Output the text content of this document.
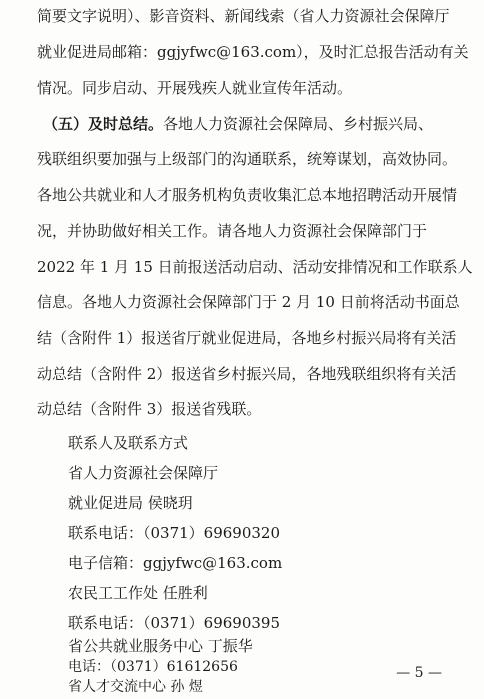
简要文字说明）、影音资料、新闻线索（省人力资源社会保障厅
就业促进局邮箱：ggjyfwc@163.com），及时汇总报告活动有关
情况。同步启动、开展残疾人就业宣传年活动。
残联组织要加强与上级部门的沟通联系，统筹谋划，高效协同。
各地公共就业和人才服务机构负责收集汇总本地招聘活动开展情
况，并协助做好相关工作。请各地人力资源社会保障部门于
2022 年 1 月 15 日前报送活动启动、活动安排情况和工作联系人
信息。各地人力资源社会保障部门于 2 月 10 日前将活动书面总
结（含附件 1）报送省厅就业促进局，各地乡村振兴局将有关活
动总结（含附件 2）报送省乡村振兴局，各地残联组织将有关活
动总结（含附件 3）报送省残联。
联系人及联系方式
省人力资源社会保障厅
就业促进局 侯晓玥
联系电话：（0371）69690320
电子信箱：ggjyfwc@163.com
农民工工作处 任胜利
联系电话：（0371）69690395
省公共就业服务中心 丁振华
电话：（0371）61612656
（五）及时总结。各地人力资源社会保障局、乡村振兴局、
省人才交流中心 孙 煜
— 5 —
